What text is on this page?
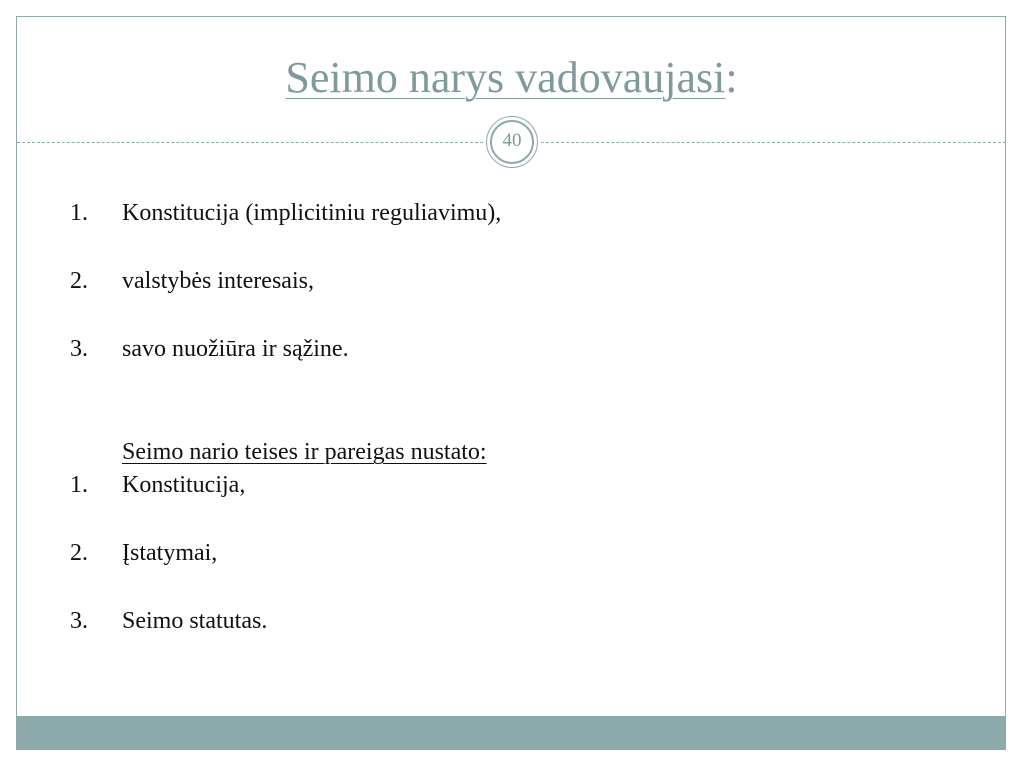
Seimo narys vadovaujasi:
40
1. Konstitucija (implicitiniu reguliavimu),
2. valstybės interesais,
3. savo nuožiūra ir sąžine.
Seimo nario teises ir pareigas nustato:
1. Konstitucija,
2. Įstatymai,
3. Seimo statutas.
